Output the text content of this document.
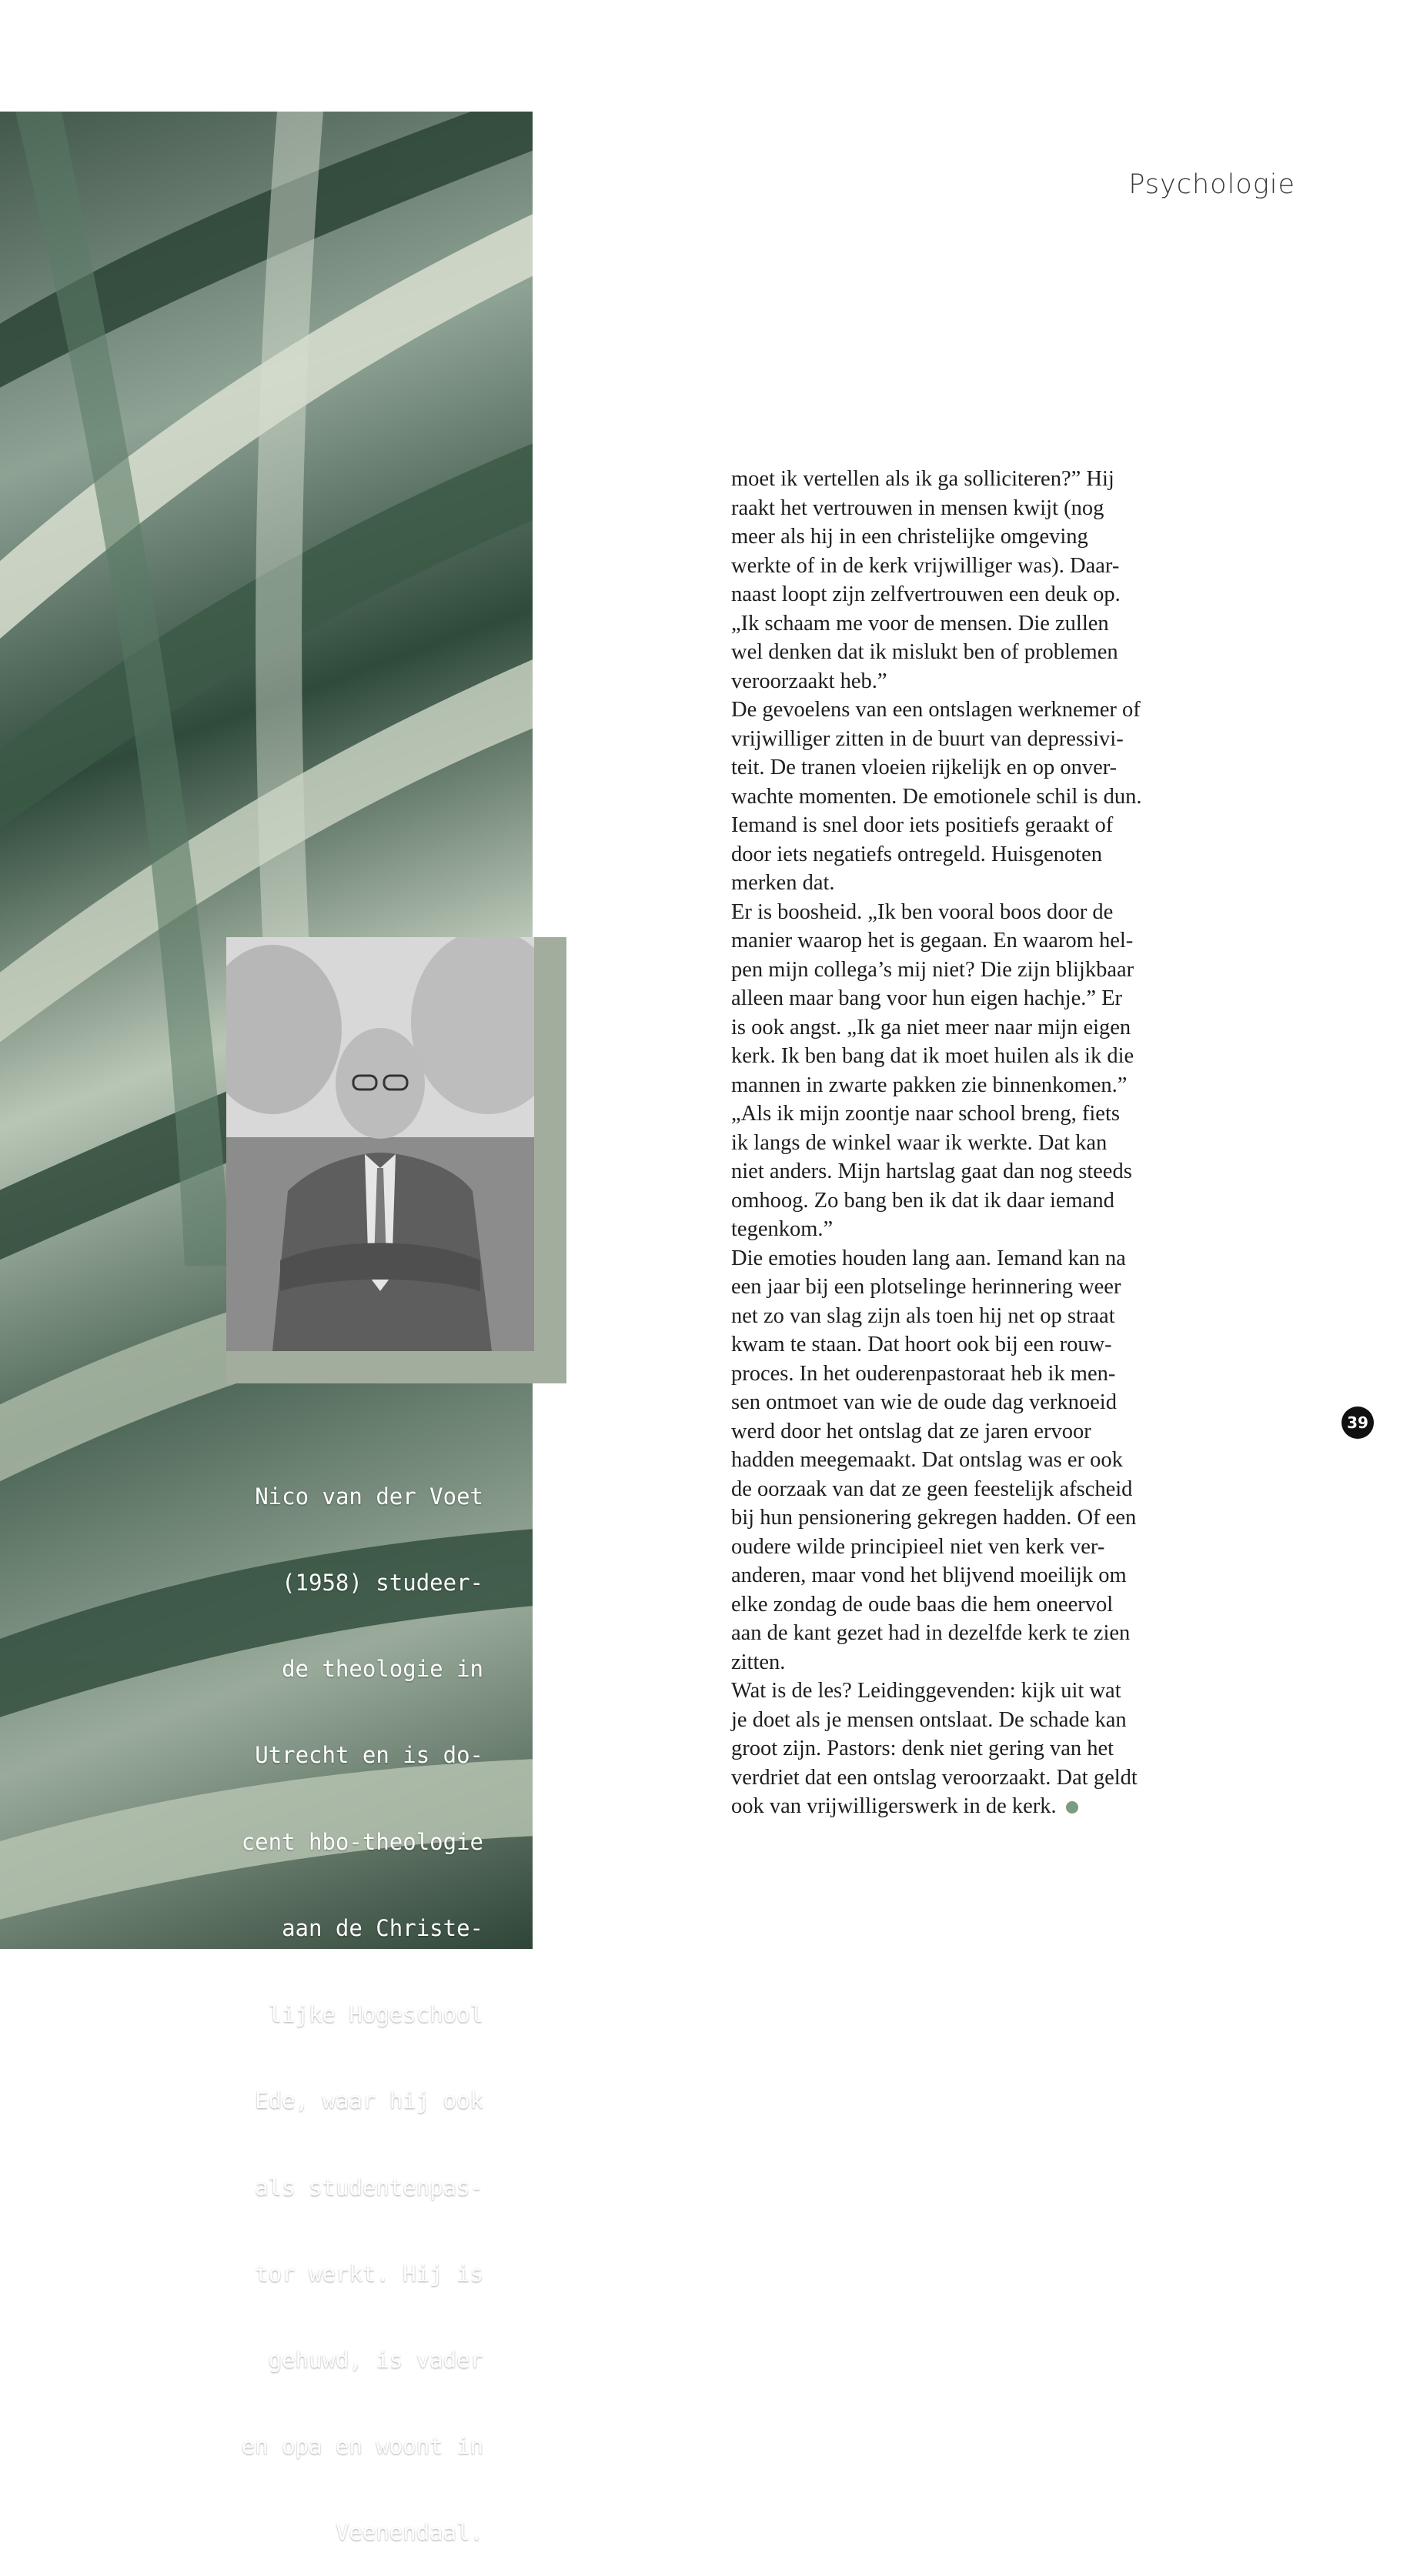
Psychologie

Nico van der Voet

(1958) studeer-

de theologie in

Utrecht en is do-

cent hbo-theologie

aan de Christe-

lijke Hogeschool

Ede, waar hij ook

als studentenpas-

tor werkt. Hij is

gehuwd, is vader

en opa en woont in

Veenendaal.

moet ik vertellen als ik ga solliciteren?” Hij
raakt het vertrouwen in mensen kwijt (nog
meer als hij in een christelijke omgeving
werkte of in de kerk vrijwilliger was). Daar-
naast loopt zijn zelfvertrouwen een deuk op.
„Ik schaam me voor de mensen. Die zullen
wel denken dat ik mislukt ben of problemen
veroorzaakt heb.”
De gevoelens van een ontslagen werknemer of
vrijwilliger zitten in de buurt van depressivi-
teit. De tranen vloeien rijkelijk en op onver-
wachte momenten. De emotionele schil is dun.
Iemand is snel door iets positiefs geraakt of
door iets negatiefs ontregeld. Huisgenoten
merken dat.
Er is boosheid. „Ik ben vooral boos door de
manier waarop het is gegaan. En waarom hel-
pen mijn collega’s mij niet? Die zijn blijkbaar
alleen maar bang voor hun eigen hachje.” Er
is ook angst. „Ik ga niet meer naar mijn eigen
kerk. Ik ben bang dat ik moet huilen als ik die
mannen in zwarte pakken zie binnenkomen.”
„Als ik mijn zoontje naar school breng, fiets
ik langs de winkel waar ik werkte. Dat kan
niet anders. Mijn hartslag gaat dan nog steeds
omhoog. Zo bang ben ik dat ik daar iemand
tegenkom.”
Die emoties houden lang aan. Iemand kan na
een jaar bij een plotselinge herinnering weer
net zo van slag zijn als toen hij net op straat
kwam te staan. Dat hoort ook bij een rouw-
proces. In het ouderenpastoraat heb ik men-
sen ontmoet van wie de oude dag verknoeid
werd door het ontslag dat ze jaren ervoor
hadden meegemaakt. Dat ontslag was er ook
de oorzaak van dat ze geen feestelijk afscheid
bij hun pensionering gekregen hadden. Of een
oudere wilde principieel niet ven kerk ver-
anderen, maar vond het blijvend moeilijk om
elke zondag de oude baas die hem oneervol
aan de kant gezet had in dezelfde kerk te zien
zitten.
Wat is de les? Leidinggevenden: kijk uit wat
je doet als je mensen ontslaat. De schade kan
groot zijn. Pastors: denk niet gering van het
verdriet dat een ontslag veroorzaakt. Dat geldt
ook van vrijwilligerswerk in de kerk.
39
